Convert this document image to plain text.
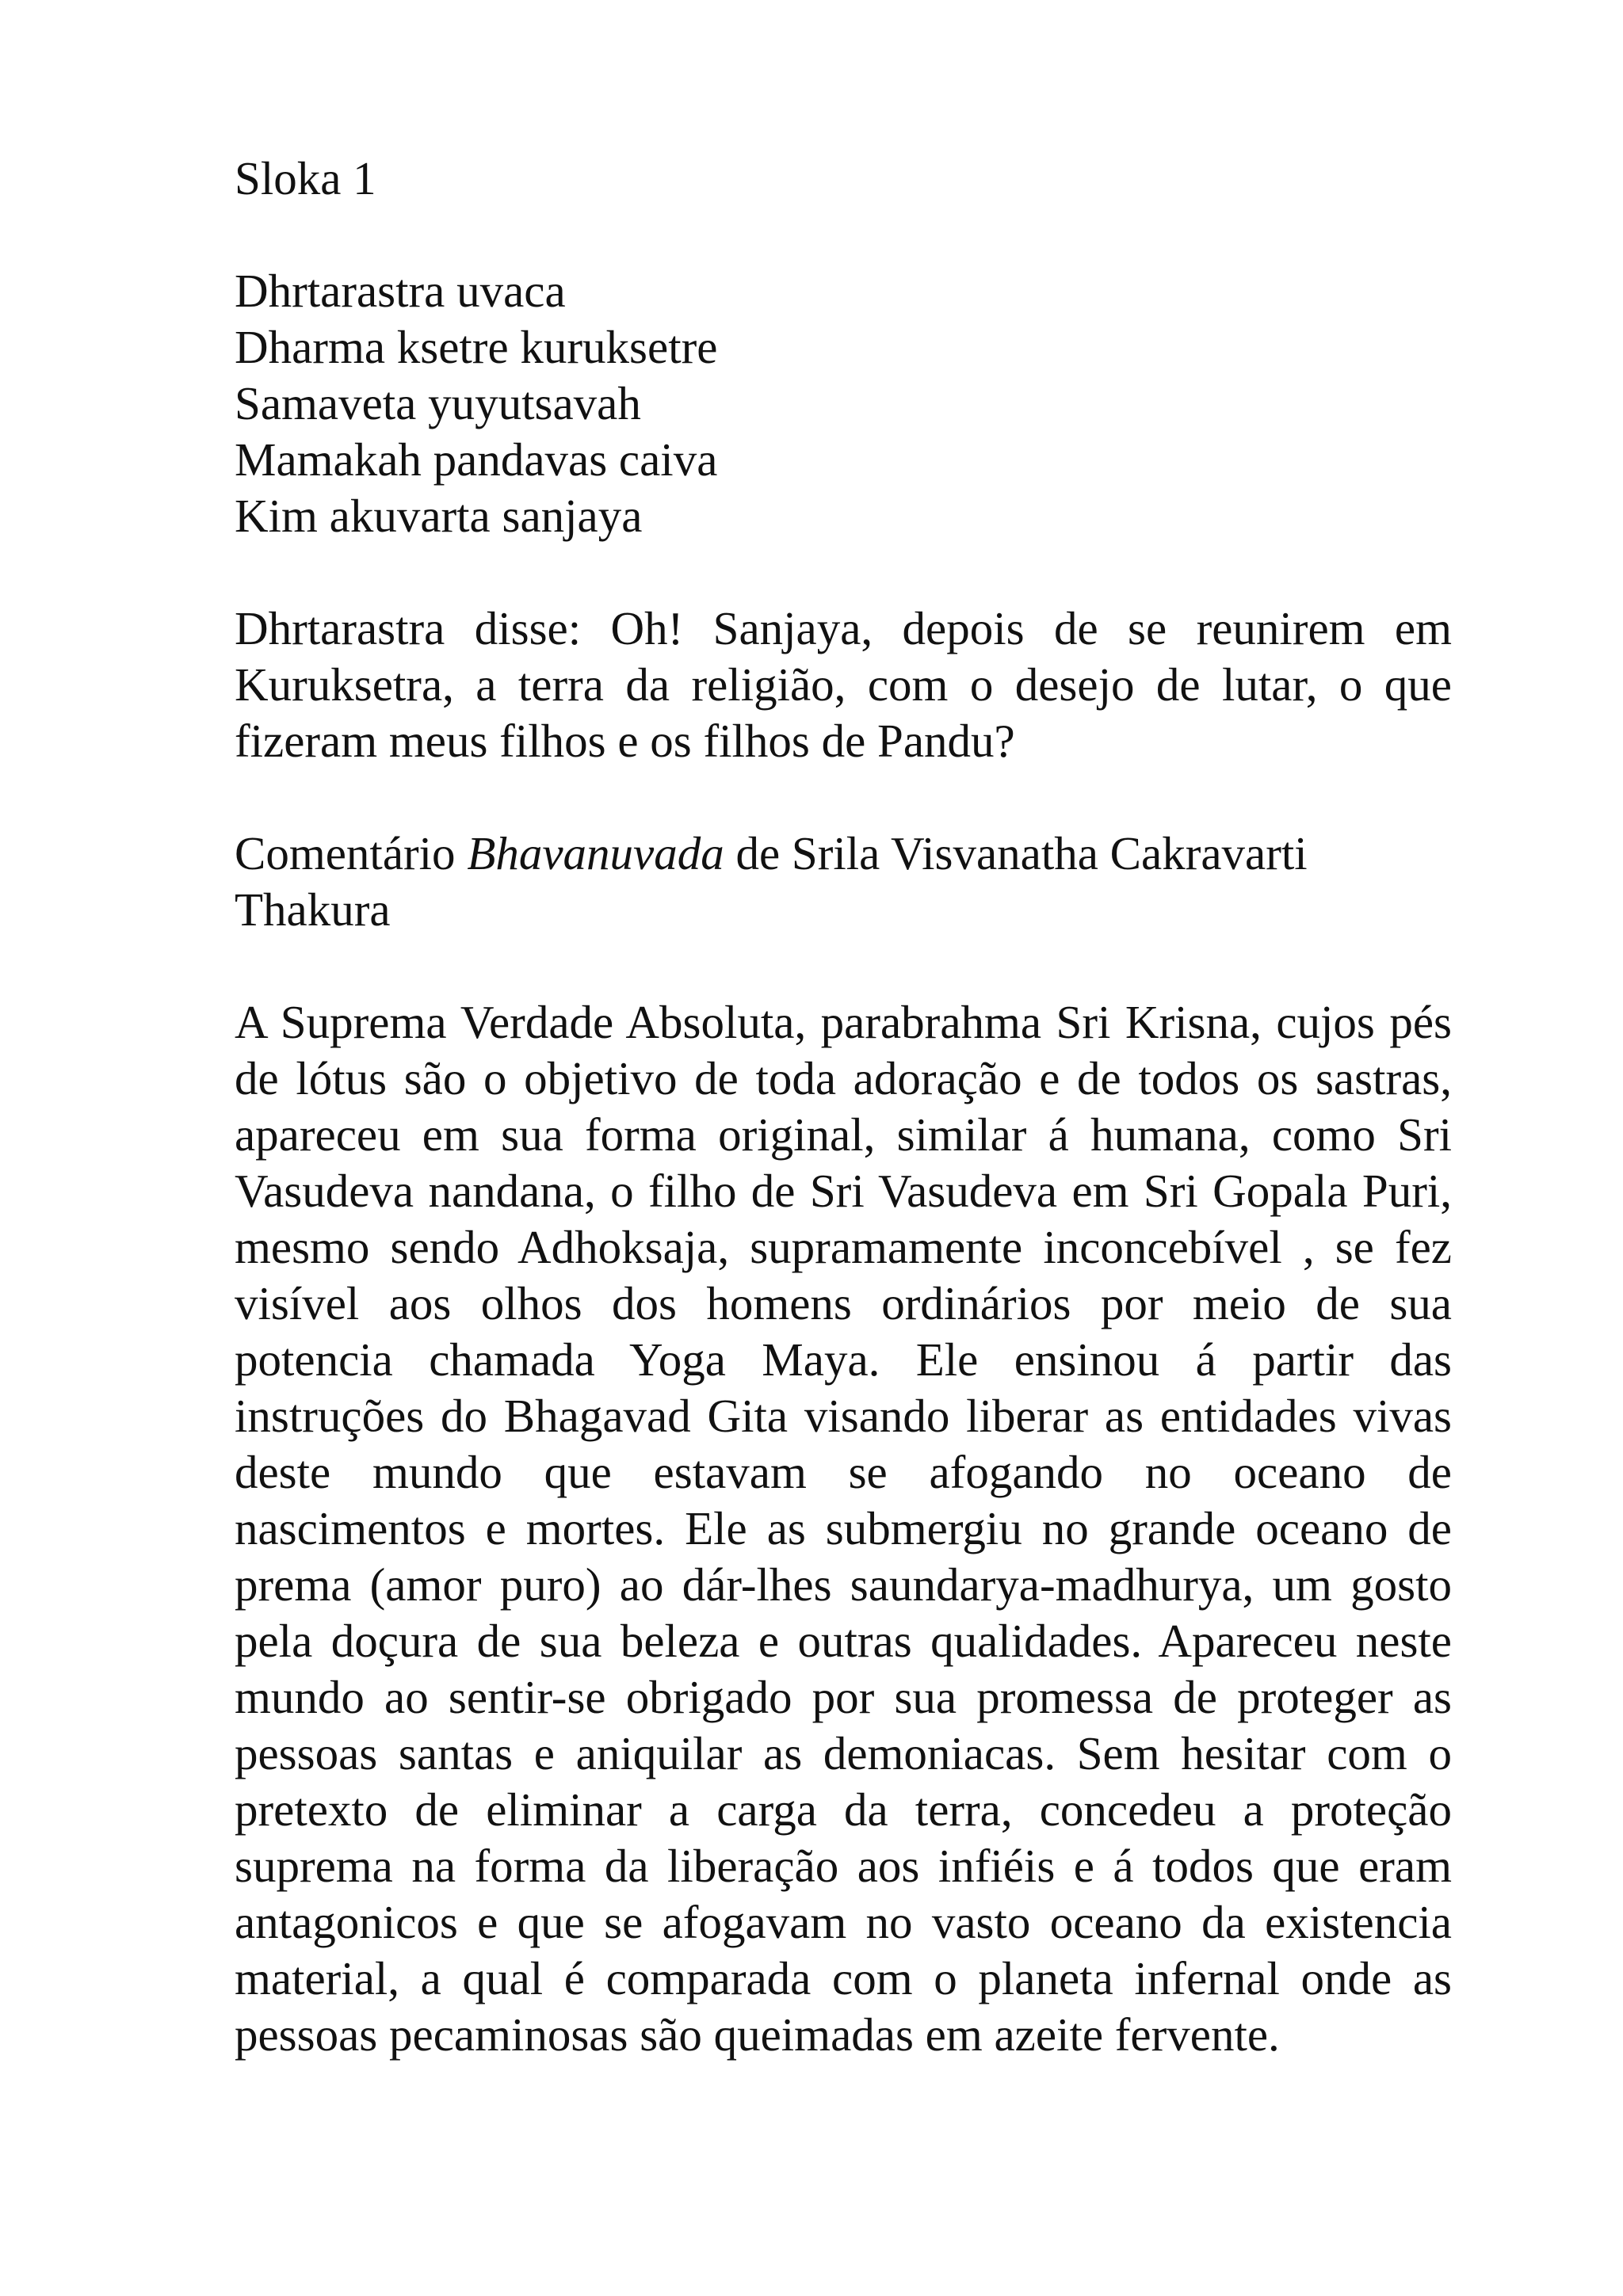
Sloka 1
Dhrtarastra uvaca
Dharma ksetre kuruksetre
Samaveta yuyutsavah
Mamakah pandavas caiva
Kim akuvarta sanjaya

Dhrtarastra disse: Oh! Sanjaya, depois de se reunirem em Kuruksetra, a terra da religião, com o desejo de lutar, o que fizeram meus filhos e os filhos de Pandu?

Comentário Bhavanuvada de Srila Visvanatha Cakravarti Thakura

A Suprema Verdade Absoluta, parabrahma Sri Krisna, cujos pés de lótus são o objetivo de toda adoração e de todos os sastras, apareceu em sua forma original, similar á humana, como Sri Vasudeva nandana, o filho de Sri Vasudeva em Sri Gopala Puri, mesmo sendo Adhoksaja, supramamente inconcebível , se fez visível aos olhos dos homens ordinários por meio de sua potencia chamada Yoga Maya. Ele ensinou á partir das instruções do Bhagavad Gita visando liberar as entidades vivas deste mundo que estavam se afogando no oceano de nascimentos e mortes. Ele as submergiu no grande oceano de prema (amor puro) ao dár-lhes saundarya-madhurya, um gosto pela doçura de sua beleza e outras qualidades. Apareceu neste mundo ao sentir-se obrigado por sua promessa de proteger as pessoas santas e aniquilar as demoniacas. Sem hesitar com o pretexto de eliminar a carga da terra, concedeu a proteção suprema na forma da liberação aos infiéis e á todos que eram antagonicos e que se afogavam no vasto oceano da existencia material, a qual é comparada com o planeta infernal onde as pessoas pecaminosas são queimadas em azeite fervente.
